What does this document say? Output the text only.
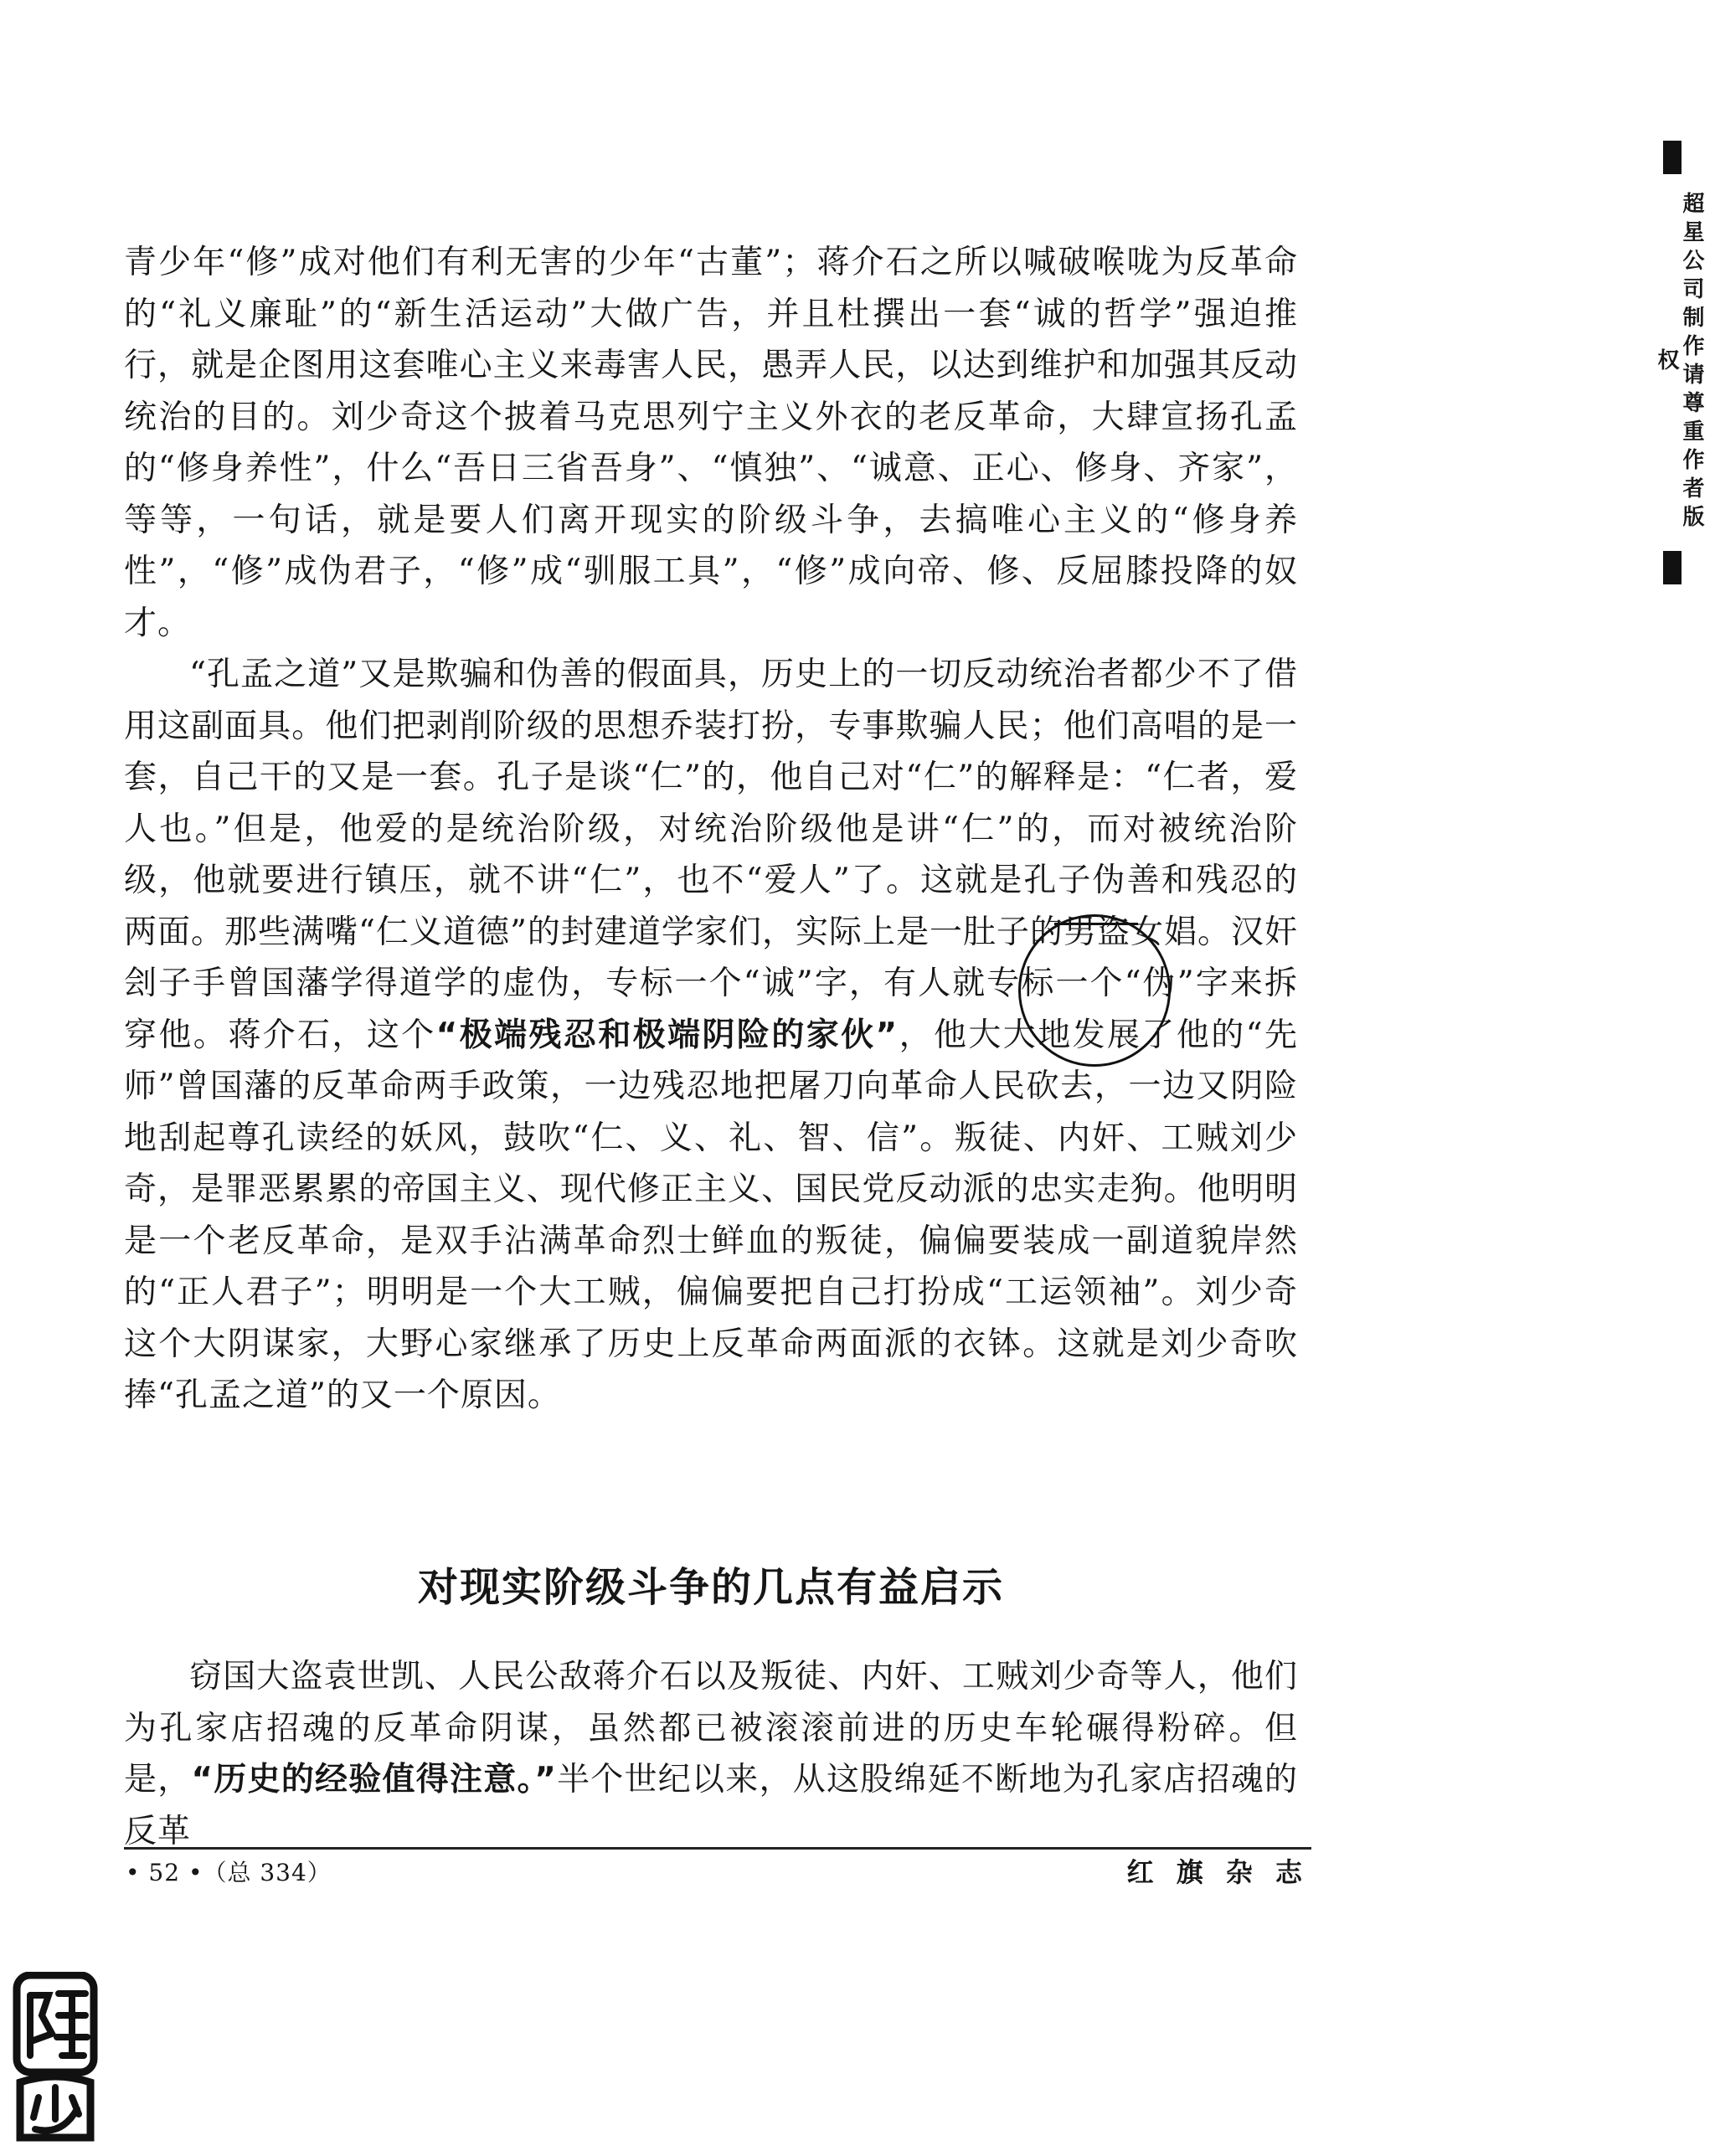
超星公司制作请尊重作者版权

青少年“修”成对他们有利无害的少年“古董”；蒋介石之所以喊破喉咙为反革命的“礼义廉耻”的“新生活运动”大做广告，并且杜撰出一套“诚的哲学”强迫推行，就是企图用这套唯心主义来毒害人民，愚弄人民，以达到维护和加强其反动统治的目的。刘少奇这个披着马克思列宁主义外衣的老反革命，大肆宣扬孔孟的“修身养性”，什么“吾日三省吾身”、“慎独”、“诚意、正心、修身、齐家”，等等，一句话，就是要人们离开现实的阶级斗争，去搞唯心主义的“修身养性”，“修”成伪君子，“修”成“驯服工具”，“修”成向帝、修、反屈膝投降的奴才。

“孔孟之道”又是欺骗和伪善的假面具，历史上的一切反动统治者都少不了借用这副面具。他们把剥削阶级的思想乔装打扮，专事欺骗人民；他们高唱的是一套，自己干的又是一套。孔子是谈“仁”的，他自己对“仁”的解释是：“仁者，爱人也。”但是，他爱的是统治阶级，对统治阶级他是讲“仁”的，而对被统治阶级，他就要进行镇压，就不讲“仁”，也不“爱人”了。这就是孔子伪善和残忍的两面。那些满嘴“仁义道德”的封建道学家们，实际上是一肚子的男盗女娼。汉奸刽子手曾国藩学得道学的虚伪，专标一个“诚”字，有人就专标一个“伪”字来拆穿他。蒋介石，这个“极端残忍和极端阴险的家伙”，他大大地发展了他的“先师”曾国藩的反革命两手政策，一边残忍地把屠刀向革命人民砍去，一边又阴险地刮起尊孔读经的妖风，鼓吹“仁、义、礼、智、信”。叛徒、内奸、工贼刘少奇，是罪恶累累的帝国主义、现代修正主义、国民党反动派的忠实走狗。他明明是一个老反革命，是双手沾满革命烈士鲜血的叛徒，偏偏要装成一副道貌岸然的“正人君子”；明明是一个大工贼，偏偏要把自己打扮成“工运领袖”。刘少奇这个大阴谋家，大野心家继承了历史上反革命两面派的衣钵。这就是刘少奇吹捧“孔孟之道”的又一个原因。

对现实阶级斗争的几点有益启示

窃国大盗袁世凯、人民公敌蒋介石以及叛徒、内奸、工贼刘少奇等人，他们为孔家店招魂的反革命阴谋，虽然都已被滚滚前进的历史车轮碾得粉碎。但是，“历史的经验值得注意。”半个世纪以来，从这股绵延不断地为孔家店招魂的反革

• 52 •（总 334）	红 旗 杂 志
